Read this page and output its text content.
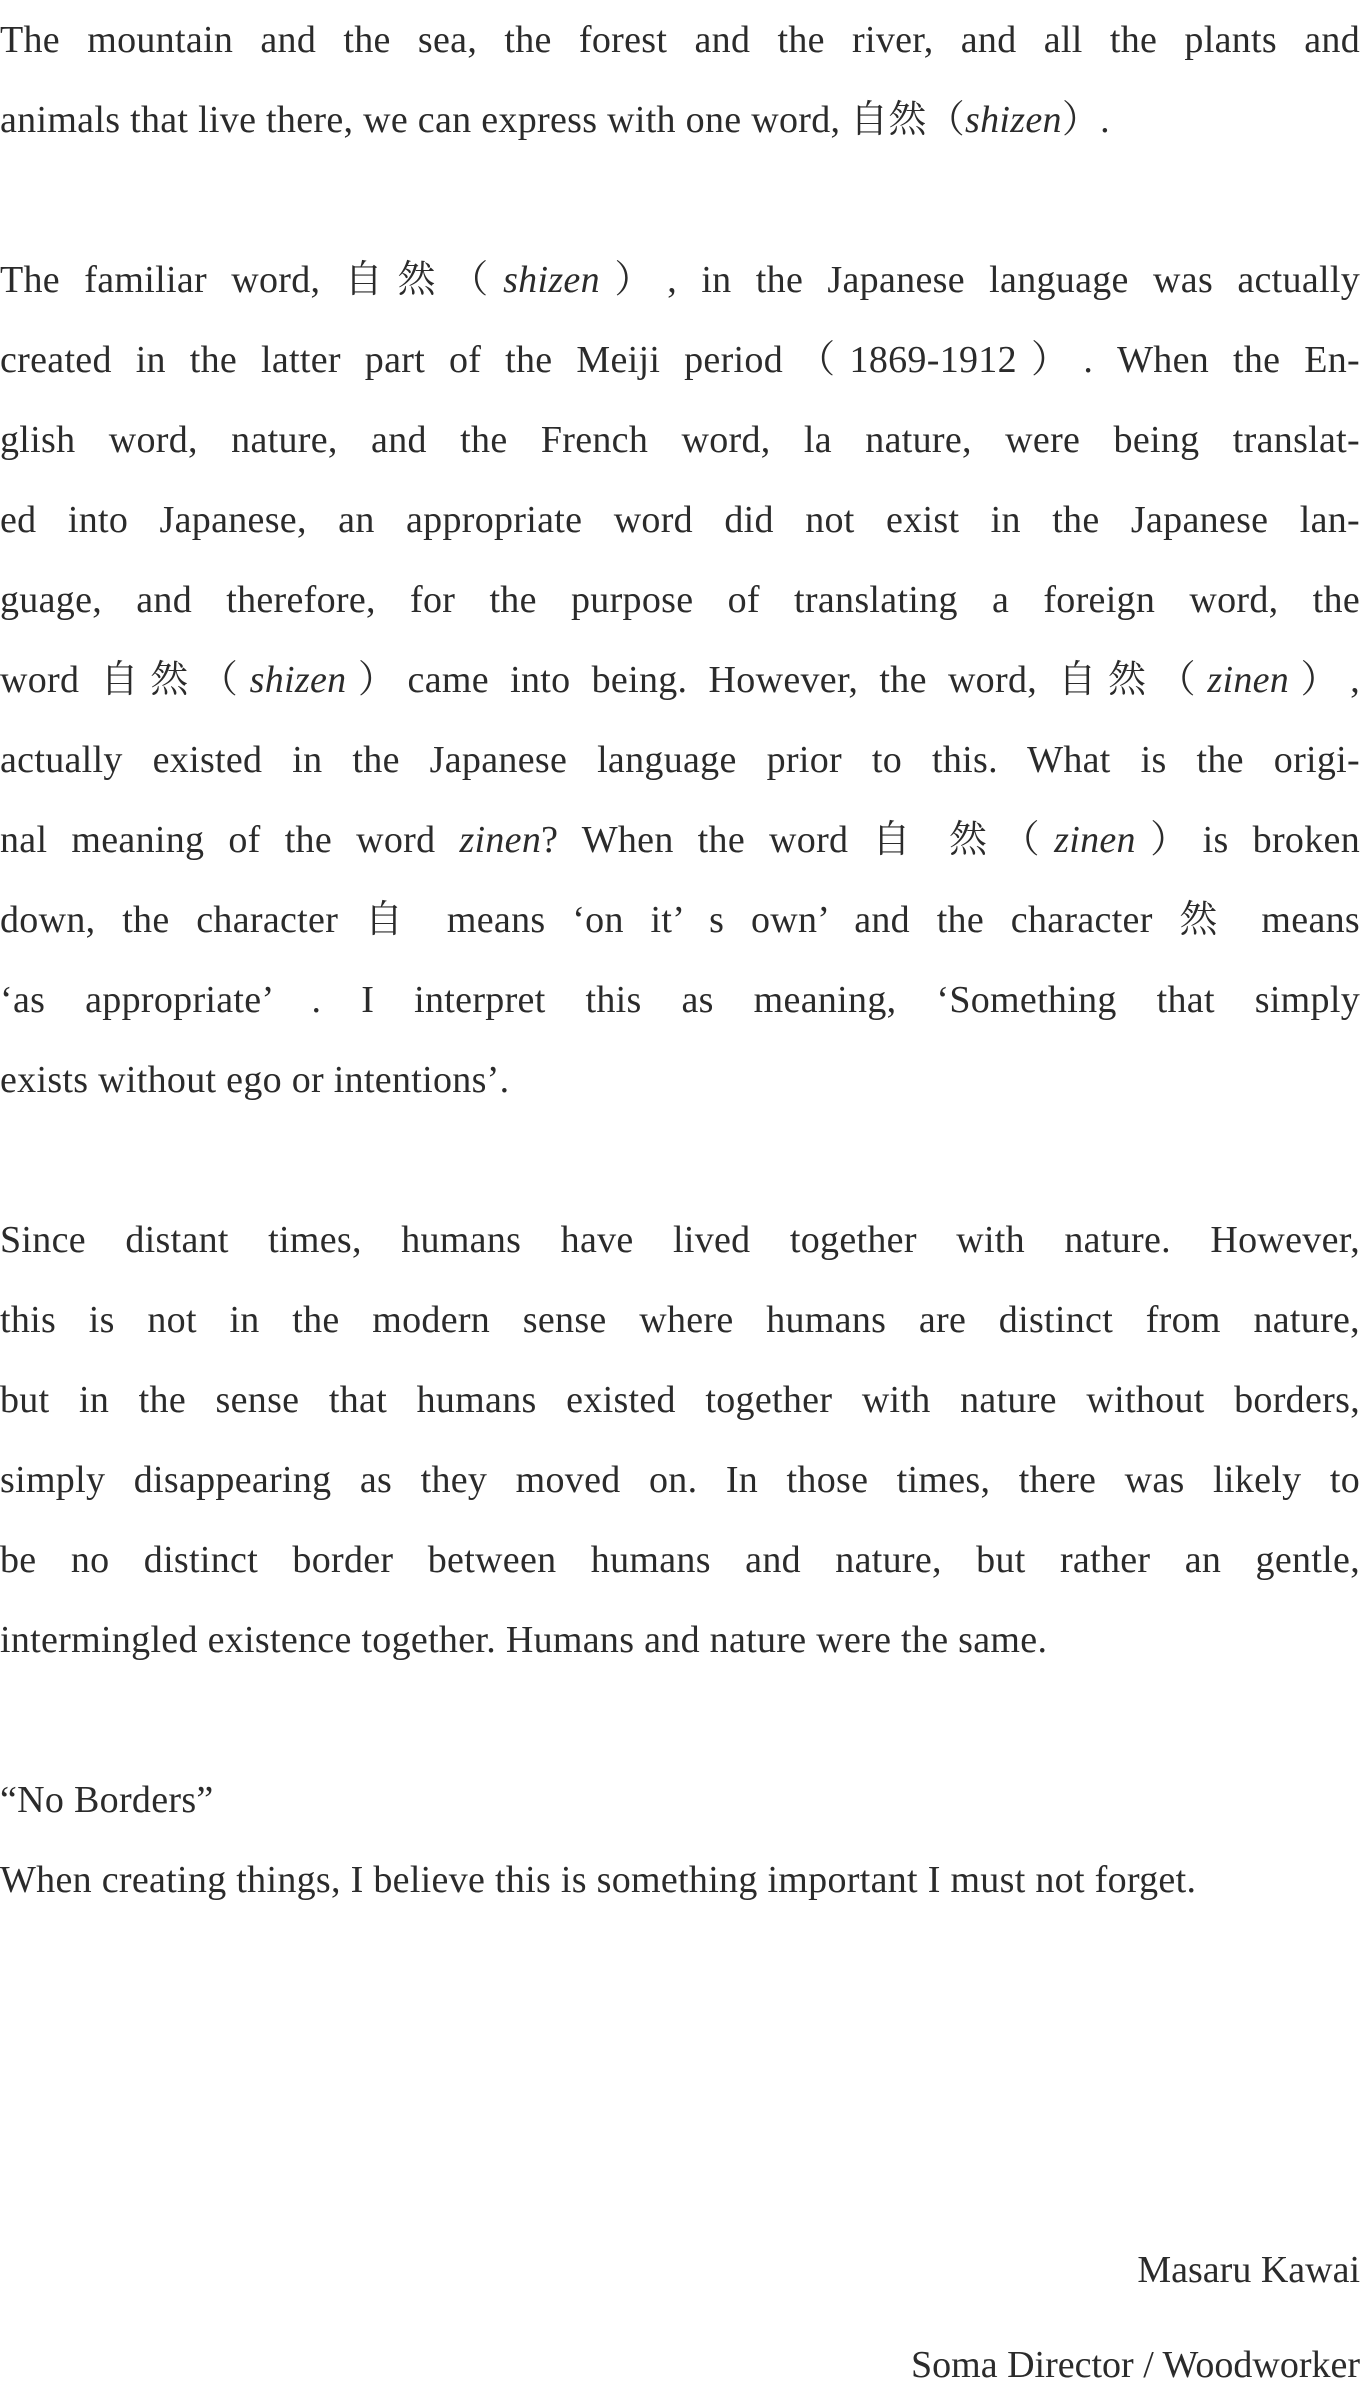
The mountain and the sea, the forest and the river, and all the plants and
animals that live there, we can express with one word, 自然（shizen）.

The familiar word, 自然（shizen）, in the Japanese language was actually
created in the latter part of the Meiji period（1869-1912）. When the En-
glish word, nature, and the French word, la nature, were being translat-
ed into Japanese, an appropriate word did not exist in the Japanese lan-
guage, and therefore, for the purpose of translating a foreign word, the
word 自然（shizen）came into being. However, the word, 自然（zinen）,
actually existed in the Japanese language prior to this. What is the origi-
nal meaning of the word zinen? When the word 自 然（zinen）is broken
down, the character 自 means ‘on it’ s own’ and the character 然 means
‘as appropriate’ . I interpret this as meaning, ‘Something that simply
exists without ego or intentions’.

Since distant times, humans have lived together with nature. However,
this is not in the modern sense where humans are distinct from nature,
but in the sense that humans existed together with nature without borders,
simply disappearing as they moved on. In those times, there was likely to
be no distinct border between humans and nature, but rather an gentle,
intermingled existence together. Humans and nature were the same.

“No Borders”
When creating things, I believe this is something important I must not forget.

Masaru Kawai
Soma Director / Woodworker
